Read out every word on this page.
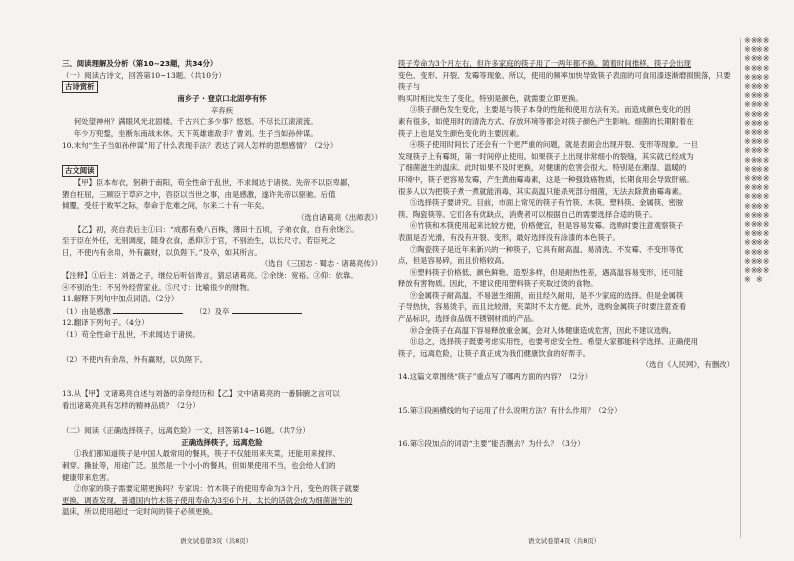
三、阅读理解及分析（第10~23题，共34分）

（一）阅读古诗文，回答第10~13题。（共10分）

古诗赏析

南乡子 · 登京口北固亭有怀

辛弃疾

何处望神州？满眼风光北固楼。千古兴亡多少事？悠悠。不尽长江滚滚流。

年少万兜鍪，坐断东南战未休。天下英雄谁敌手？曹刘。生子当如孙仲谋。

10.末句“生子当如孙仲谋”用了什么表现手法？表达了词人怎样的思想感情？（2分）

古文阅读

【甲】臣本布衣，躬耕于南阳，苟全性命于乱世，不求闻达于诸侯。先帝不以臣卑鄙，

猥自枉屈，三顾臣于草庐之中，咨臣以当世之事，由是感激，遂许先帝以驱驰。后值

倾覆，受任于败军之际，奉命于危难之间，尔来二十有一年矣。

（选自诸葛亮《出师表》）

【乙】初，亮自表后主①曰：“成都有桑八百株，薄田十五顷，子弟衣食，自有余饶②。

至于臣在外任，无别调度，随身衣食，悉仰③于官，不别治生，以长尺寸。若臣死之

日，不使内有余帛，外有赢财，以负陛下。”及卒，如其所言。

（选自《三国志 · 蜀志 · 诸葛亮传》）

【注释】①后主：刘备之子，继位后听信谗言，猜忌诸葛亮。②余饶：宽裕。③仰：依靠。

④不别治生：不另外经营家业。⑤尺寸：比喻很少的财物。

11.解释下列句中加点词语。（2分）

（1）由是感激	（2）及卒

12.翻译下列句子。（4分）

（1）苟全性命于乱世，不求闻达于诸侯。

（2）不使内有余帛，外有赢财，以负陛下。

13.从【甲】文诸葛亮自述与刘备的亲身经历和【乙】文中诸葛亮的一番肺腑之言可以

看出诸葛亮具有怎样的精神品质？（2分）

（二）阅读《正确选择筷子，远离危险》一文，回答第14~16题。（共7分）

正确选择筷子，远离危险

①我们都知道筷子是中国人最常用的餐具，筷子不仅能用来夹菜，还能用来搅拌、

刺穿、撕扯等，用途广泛。虽然是一个小小的餐具，但如果使用不当，也会给人们的

健康带来危害。

②你家的筷子需要定期更换吗？专家说：竹木筷子的使用寿命为3个月，变色的筷子就要

更换，调查发现，普通国内竹木筷子使用寿命为3至6个月，太长的话就会成为细菌滋生的

温床，所以使用超过一定时间的筷子必须更换。

筷子寿命为3个月左右，但许多家庭的筷子用了一两年都不换。随着时间推移，筷子会出现

变色、变形、开裂、发霉等现象。所以，使用的频率加快导致筷子表面的可食用漆逐渐磨损脱落，只要筷子与

购买时相比发生了变化，特别是颜色，就需要立即更换。

③筷子颜色发生变化，主要是与筷子本身的性能和使用方法有关。而造成颜色变化的因

素有很多，如使用时的清洗方式、存放环境等都会对筷子颜色产生影响。细菌的长期附着在

筷子上也是发生颜色变化的主要因素。

④筷子使用时间长了还会有一个更严重的问题，就是表面会出现开裂、变形等现象。一旦

发现筷子上有霉斑，第一时间停止使用。如果筷子上出现非常细小的裂缝，其实就已经成为

了细菌滋生的温床。此时如果不及时更换，对健康的危害会很大。特别是在潮湿、温暖的

环境中，筷子更容易发霉，产生黄曲霉毒素，这是一种强致癌物质，长期食用会导致肝癌。

很多人以为把筷子煮一煮就能消毒，其实高温只能杀死部分细菌，无法去除黄曲霉毒素。

⑤选择筷子要讲究。目前，市面上常见的筷子有竹筷、木筷、塑料筷、金属筷、密胺

筷、陶瓷筷等。它们各有优缺点，消费者可以根据自己的需要选择合适的筷子。

⑥竹筷和木筷使用起来比较方便，价格便宜，但是容易发霉。选购时要注意观察筷子

表面是否光滑，有没有开裂、变形，最好选择没有涂漆的本色筷子。

⑦陶瓷筷子是近年来新兴的一种筷子，它具有耐高温、易清洗、不发霉、不变形等优

点，但是容易碎，而且价格较高。

⑧塑料筷子价格低、颜色鲜艳、造型多样，但是耐热性差，遇高温容易变形，还可能

释放有害物质。因此，不建议使用塑料筷子夹取过烫的食物。

⑨金属筷子耐高温、不易滋生细菌，而且经久耐用，是不少家庭的选择。但是金属筷

子导热快，容易烫手，而且比较滑，夹菜时不太方便。此外，选购金属筷子时要注意查看

产品标识，选择食品级不锈钢材质的产品。

⑩合金筷子在高温下容易释放重金属，会对人体健康造成危害，因此不建议选购。

⑪总之，选择筷子既要考虑实用性，也要考虑安全性。希望大家都能科学选择、正确使用

筷子，远离危险，让筷子真正成为我们健康饮食的好帮手。

（选自《人民网》，有删改）

14.这篇文章围绕“筷子”重点写了哪两方面的内容？（2分）

15.第③段画横线的句子运用了什么说明方法？有什么作用？（2分）

16.第⑤段加点的词语“主要”能否删去？为什么？（3分）

语文试卷第3页（共8页）	语文试卷第4页（共8页）
※※※※※※※※※※※※※※※※※※※※※※※※※※※※※※※※※※※※※※※※※※※※※※※※※※※※※
※※※※※※※※※※※※※※※※※※※※※※※※※※※※※※※※※※※※※※※※※※※※※※※※※※※※※
